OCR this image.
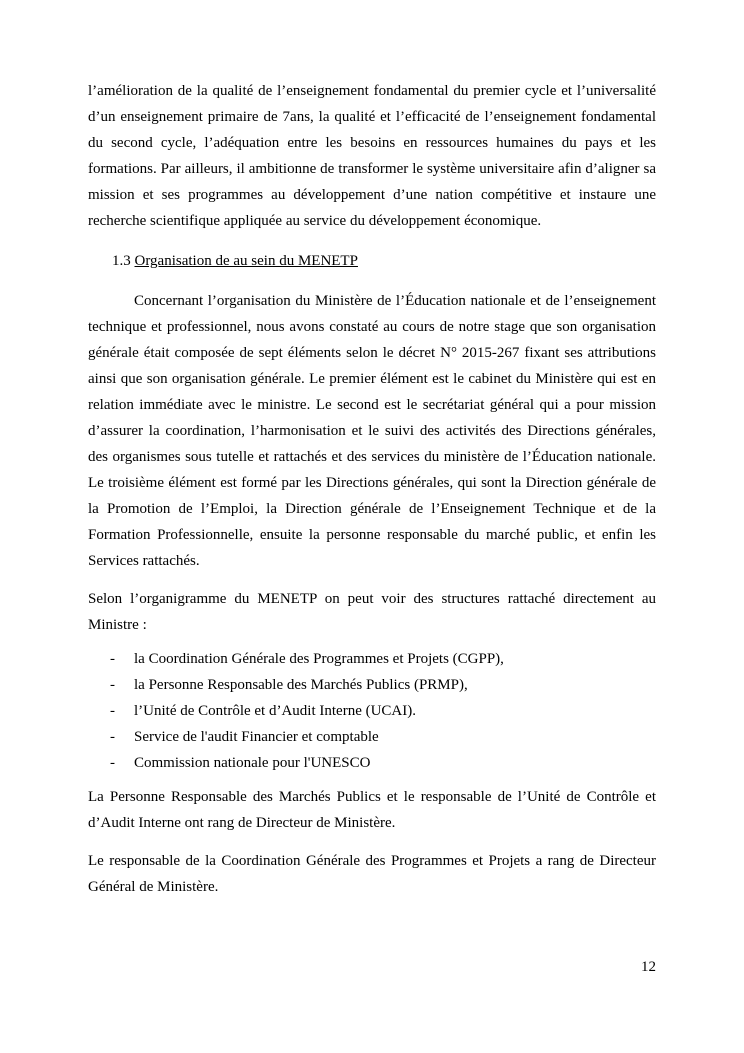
l’amélioration de la qualité de l’enseignement fondamental du premier cycle et l’universalité d’un enseignement primaire de 7ans, la qualité et l’efficacité de l’enseignement fondamental du second cycle, l’adéquation entre les besoins en ressources humaines du pays et les formations. Par ailleurs, il ambitionne de transformer le système universitaire afin d’aligner sa mission et ses programmes au développement d’une nation compétitive et instaure une recherche scientifique appliquée au service du développement économique.

1.3 Organisation de au sein du MENETP

Concernant l’organisation du Ministère de l’Éducation nationale et de l’enseignement technique et professionnel, nous avons constaté au cours de notre stage que son organisation générale était composée de sept éléments selon le décret N° 2015-267 fixant ses attributions ainsi que son organisation générale. Le premier élément est le cabinet du Ministère qui est en relation immédiate avec le ministre. Le second est le secrétariat général qui a pour mission d’assurer la coordination, l’harmonisation et le suivi des activités des Directions générales, des organismes sous tutelle et rattachés et des services du ministère de l’Éducation nationale. Le troisième élément est formé par les Directions générales, qui sont la Direction générale de la Promotion de l’Emploi, la Direction générale de l’Enseignement Technique et de la Formation Professionnelle, ensuite la personne responsable du marché public, et enfin les Services rattachés.

Selon l’organigramme du MENETP on peut voir des structures rattaché directement au Ministre :

- la Coordination Générale des Programmes et Projets (CGPP),
- la Personne Responsable des Marchés Publics (PRMP),
- l’Unité de Contrôle et d’Audit Interne (UCAI).
- Service de l'audit Financier et comptable
- Commission nationale pour l'UNESCO

La Personne Responsable des Marchés Publics et le responsable de l’Unité de Contrôle et d’Audit Interne ont rang de Directeur de Ministère.

Le responsable de la Coordination Générale des Programmes et Projets a rang de Directeur Général de Ministère.

12
